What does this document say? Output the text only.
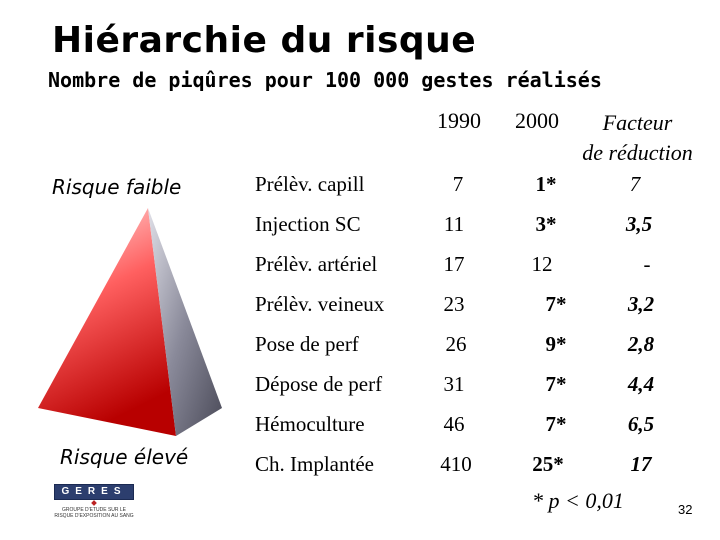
Hiérarchie du risque
Nombre de piqûres pour 100 000 gestes réalisés
1990 2000	Facteur
de réduction
Risque faible
Risque élevé
Prélèv. capill	7	1*	7
Injection SC	11	3*	3,5
Prélèv. artériel	17	12	-
Prélèv. veineux	23	7*	3,2
Pose de perf	26	9*	2,8
Dépose de perf	31	7*	4,4
Hémoculture	46	7*	6,5
Ch. Implantée	410	25*	17
* p < 0,01	32
GERES
GROUPE D'ETUDE SUR LE RISQUE D'EXPOSITION AU SANG
